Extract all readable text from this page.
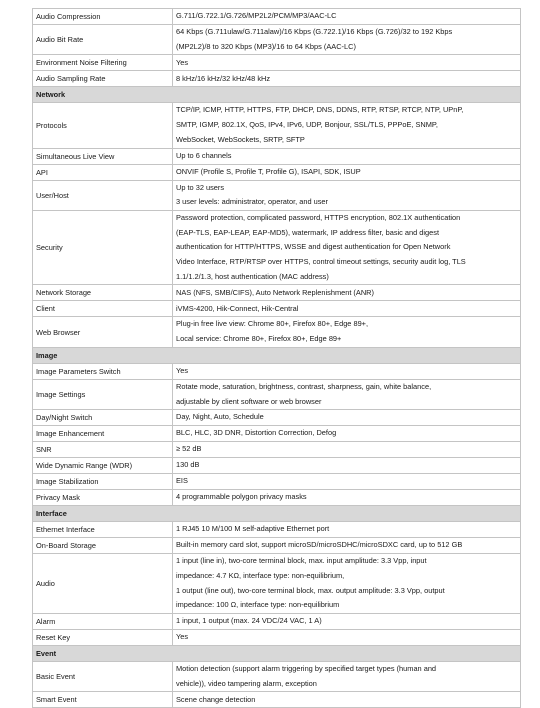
Audio Compression	G.711/G.722.1/G.726/MP2L2/PCM/MP3/AAC-LC

Audio Bit Rate	64 Kbps (G.711ulaw/G.711alaw)/16 Kbps (G.722.1)/16 Kbps (G.726)/32 to 192 Kbps
(MP2L2)/8 to 320 Kbps (MP3)/16 to 64 Kbps (AAC-LC)

Environment Noise Filtering	Yes

Audio Sampling Rate	8 kHz/16 kHz/32 kHz/48 kHz

Network	
Protocols	TCP/IP, ICMP, HTTP, HTTPS, FTP, DHCP, DNS, DDNS, RTP, RTSP, RTCP, NTP, UPnP,
SMTP, IGMP, 802.1X, QoS, IPv4, IPv6, UDP, Bonjour, SSL/TLS, PPPoE, SNMP,
WebSocket, WebSockets, SRTP, SFTP

Simultaneous Live View	Up to 6 channels

API	ONVIF (Profile S, Profile T, Profile G), ISAPI, SDK, ISUP

User/Host	Up to 32 users
3 user levels: administrator, operator, and user

Security	Password protection, complicated password, HTTPS encryption, 802.1X authentication
(EAP-TLS, EAP-LEAP, EAP-MD5), watermark, IP address filter, basic and digest
authentication for HTTP/HTTPS, WSSE and digest authentication for Open Network
Video Interface, RTP/RTSP over HTTPS, control timeout settings, security audit log, TLS
1.1/1.2/1.3, host authentication (MAC address)

Network Storage	NAS (NFS, SMB/CIFS), Auto Network Replenishment (ANR)

Client	iVMS-4200, Hik-Connect, Hik-Central

Web Browser	Plug-in free live view: Chrome 80+, Firefox 80+, Edge 89+,
Local service: Chrome 80+, Firefox 80+, Edge 89+

Image	
Image Parameters Switch	Yes

Image Settings	Rotate mode, saturation, brightness, contrast, sharpness, gain, white balance,
adjustable by client software or web browser

Day/Night Switch	Day, Night, Auto, Schedule

Image Enhancement	BLC, HLC, 3D DNR, Distortion Correction, Defog

SNR	≥ 52 dB

Wide Dynamic Range (WDR)	130 dB

Image Stabilization	EIS

Privacy Mask	4 programmable polygon privacy masks

Interface	
Ethernet Interface	1 RJ45 10 M/100 M self-adaptive Ethernet port

On-Board Storage	Built-in memory card slot, support microSD/microSDHC/microSDXC card, up to 512 GB

Audio	1 input (line in), two-core terminal block, max. input amplitude: 3.3 Vpp, input
impedance: 4.7 KΩ, interface type: non-equilibrium,
1 output (line out), two-core terminal block, max. output amplitude: 3.3 Vpp, output
impedance: 100 Ω, interface type: non-equilibrium

Alarm	1 input, 1 output (max. 24 VDC/24 VAC, 1 A)

Reset Key	Yes

Event	
Basic Event	Motion detection (support alarm triggering by specified target types (human and
vehicle)), video tampering alarm, exception

Smart Event	Scene change detection
